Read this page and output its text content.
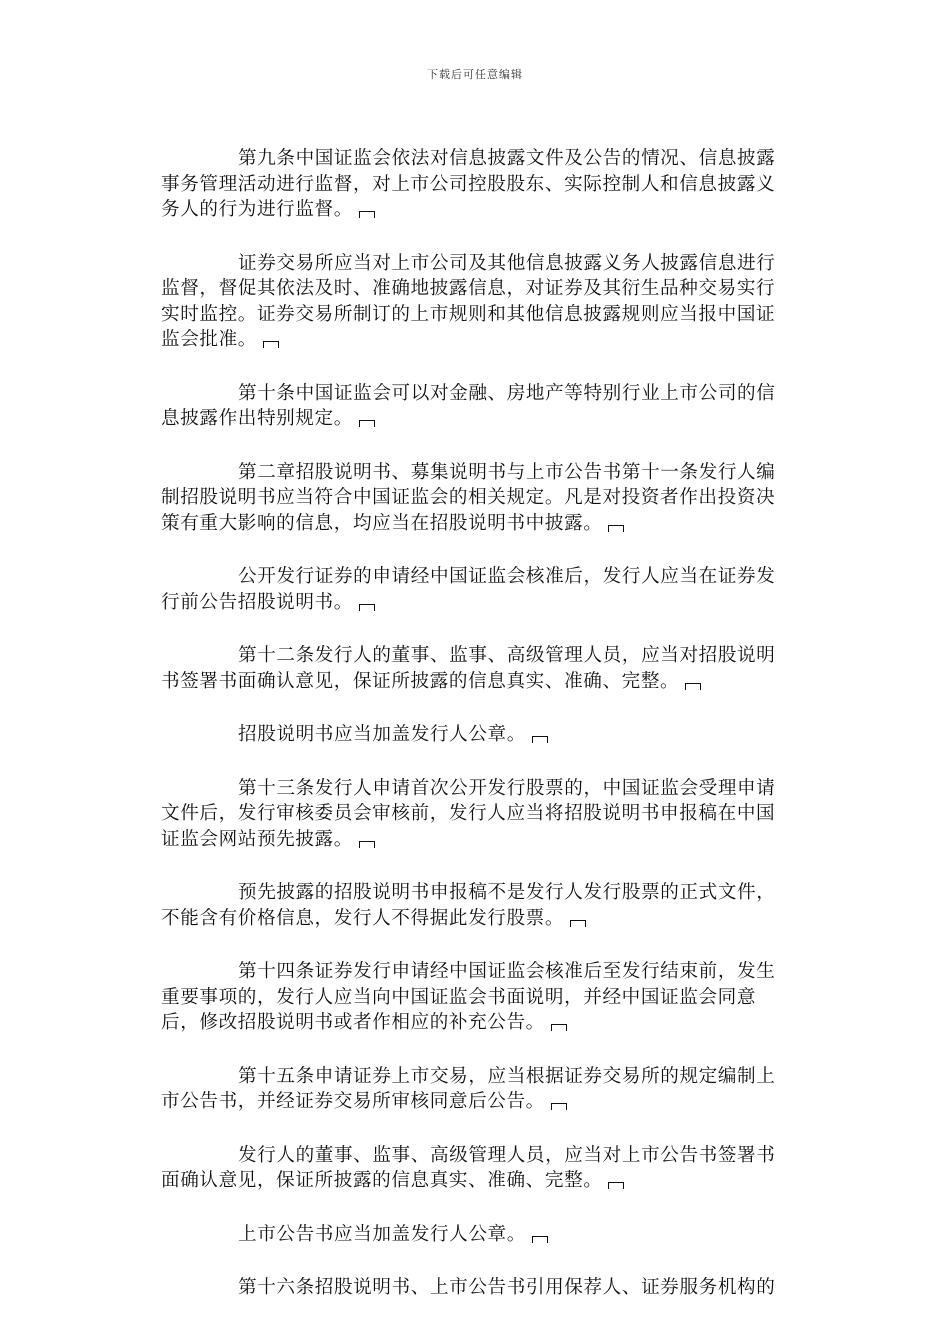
下载后可任意编辑

第九条中国证监会依法对信息披露文件及公告的情况、信息披露事务管理活动进行监督，对上市公司控股股东、实际控制人和信息披露义务人的行为进行监督。

证券交易所应当对上市公司及其他信息披露义务人披露信息进行监督，督促其依法及时、准确地披露信息，对证券及其衍生品种交易实行实时监控。证券交易所制订的上市规则和其他信息披露规则应当报中国证监会批准。

第十条中国证监会可以对金融、房地产等特别行业上市公司的信息披露作出特别规定。

第二章招股说明书、募集说明书与上市公告书第十一条发行人编制招股说明书应当符合中国证监会的相关规定。凡是对投资者作出投资决策有重大影响的信息，均应当在招股说明书中披露。

公开发行证券的申请经中国证监会核准后，发行人应当在证券发行前公告招股说明书。

第十二条发行人的董事、监事、高级管理人员，应当对招股说明书签署书面确认意见，保证所披露的信息真实、准确、完整。

招股说明书应当加盖发行人公章。

第十三条发行人申请首次公开发行股票的，中国证监会受理申请文件后，发行审核委员会审核前，发行人应当将招股说明书申报稿在中国证监会网站预先披露。

预先披露的招股说明书申报稿不是发行人发行股票的正式文件，不能含有价格信息，发行人不得据此发行股票。

第十四条证券发行申请经中国证监会核准后至发行结束前，发生重要事项的，发行人应当向中国证监会书面说明，并经中国证监会同意后，修改招股说明书或者作相应的补充公告。

第十五条申请证券上市交易，应当根据证券交易所的规定编制上市公告书，并经证券交易所审核同意后公告。

发行人的董事、监事、高级管理人员，应当对上市公告书签署书面确认意见，保证所披露的信息真实、准确、完整。

上市公告书应当加盖发行人公章。

第十六条招股说明书、上市公告书引用保荐人、证券服务机构的
